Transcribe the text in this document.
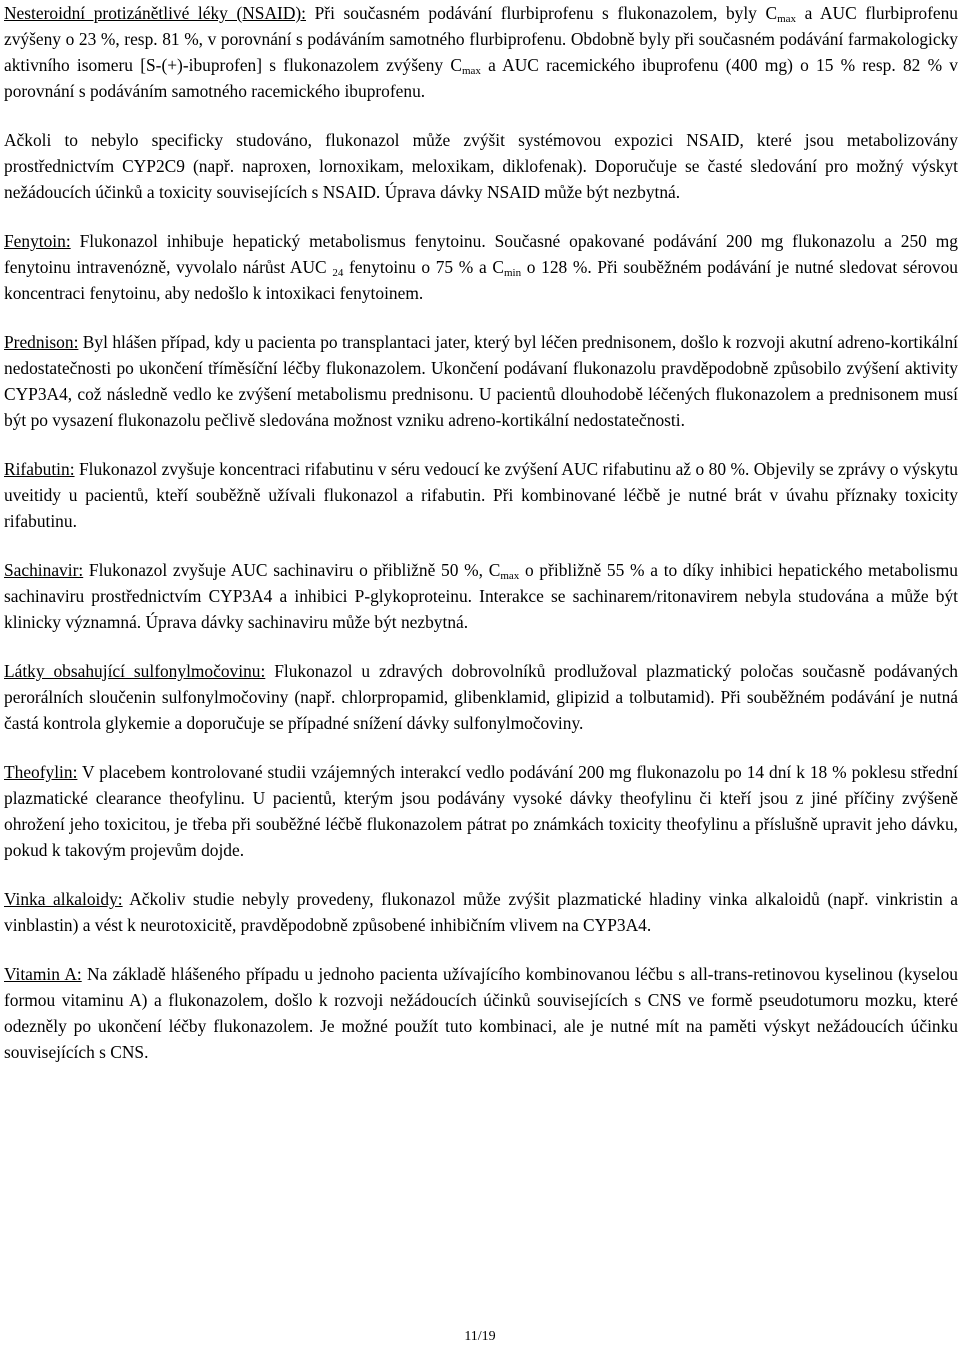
Nesteroidní protizánětlivé léky (NSAID): Při současném podávání flurbiprofenu s flukonazolem, byly $C_{max}$ a AUC flurbiprofenu zvýšeny o 23 %, resp. 81 %, v porovnání s podáváním samotného flurbiprofenu. Obdobně byly při současném podávání farmakologicky aktivního isomeru [S-(+)-ibuprofen] s flukonazolem zvýšeny $C_{max}$ a AUC racemického ibuprofenu (400 mg) o 15 % resp. 82 % v porovnání s podáváním samotného racemického ibuprofenu.

Ačkoli to nebylo specificky studováno, flukonazol může zvýšit systémovou expozici NSAID, které jsou metabolizovány prostřednictvím CYP2C9 (např. naproxen, lornoxikam, meloxikam, diklofenak). Doporučuje se časté sledování pro možný výskyt nežádoucích účinků a toxicity souvisejících s NSAID. Úprava dávky NSAID může být nezbytná.

Fenytoin: Flukonazol inhibuje hepatický metabolismus fenytoinu. Současné opakované podávání 200 mg flukonazolu a 250 mg fenytoinu intravenózně, vyvolalo nárůst AUC $_{24}$ fenytoinu o 75 % a $C_{min}$ o 128 %. Při souběžném podávání je nutné sledovat sérovou koncentraci fenytoinu, aby nedošlo k intoxikaci fenytoinem.

Prednison: Byl hlášen případ, kdy u pacienta po transplantaci jater, který byl léčen prednisonem, došlo k rozvoji akutní adreno-kortikální nedostatečnosti po ukončení tříměsíční léčby flukonazolem. Ukončení podávaní flukonazolu pravděpodobně způsobilo zvýšení aktivity CYP3A4, což následně vedlo ke zvýšení metabolismu prednisonu. U pacientů dlouhodobě léčených flukonazolem a prednisonem musí být po vysazení flukonazolu pečlivě sledována možnost vzniku adreno-kortikální nedostatečnosti.

Rifabutin: Flukonazol zvyšuje koncentraci rifabutinu v séru vedoucí ke zvýšení AUC rifabutinu až o 80 %. Objevily se zprávy o výskytu uveitidy u pacientů, kteří souběžně užívali flukonazol a rifabutin. Při kombinované léčbě je nutné brát v úvahu příznaky toxicity rifabutinu.

Sachinavir: Flukonazol zvyšuje AUC sachinaviru o přibližně 50 %, $C_{max}$ o přibližně 55 % a to díky inhibici hepatického metabolismu sachinaviru prostřednictvím CYP3A4 a inhibici P-glykoproteinu. Interakce se sachinarem/ritonavirem nebyla studována a může být klinicky významná. Úprava dávky sachinaviru může být nezbytná.

Látky obsahující sulfonylmočovinu: Flukonazol u zdravých dobrovolníků prodlužoval plazmatický poločas současně podávaných perorálních sloučenin sulfonylmočoviny (např. chlorpropamid, glibenklamid, glipizid a tolbutamid). Při souběžném podávání je nutná častá kontrola glykemie a doporučuje se případné snížení dávky sulfonylmočoviny.

Theofylin: V placebem kontrolované studii vzájemných interakcí vedlo podávání 200 mg flukonazolu po 14 dní k 18 % poklesu střední plazmatické clearance theofylinu. U pacientů, kterým jsou podávány vysoké dávky theofylinu či kteří jsou z jiné příčiny zvýšeně ohrožení jeho toxicitou, je třeba při souběžné léčbě flukonazolem pátrat po známkách toxicity theofylinu a příslušně upravit jeho dávku, pokud k takovým projevům dojde.

Vinka alkaloidy: Ačkoliv studie nebyly provedeny, flukonazol může zvýšit plazmatické hladiny vinka alkaloidů (např. vinkristin a vinblastin) a vést k neurotoxicitě, pravděpodobně způsobené inhibičním vlivem na CYP3A4.

Vitamin A: Na základě hlášeného případu u jednoho pacienta užívajícího kombinovanou léčbu s all-trans-retinovou kyselinou (kyselou formou vitaminu A) a flukonazolem, došlo k rozvoji nežádoucích účinků souvisejících s CNS ve formě pseudotumoru mozku, které odezněly po ukončení léčby flukonazolem. Je možné použít tuto kombinaci, ale je nutné mít na paměti výskyt nežádoucích účinku souvisejících s CNS.

11/19
